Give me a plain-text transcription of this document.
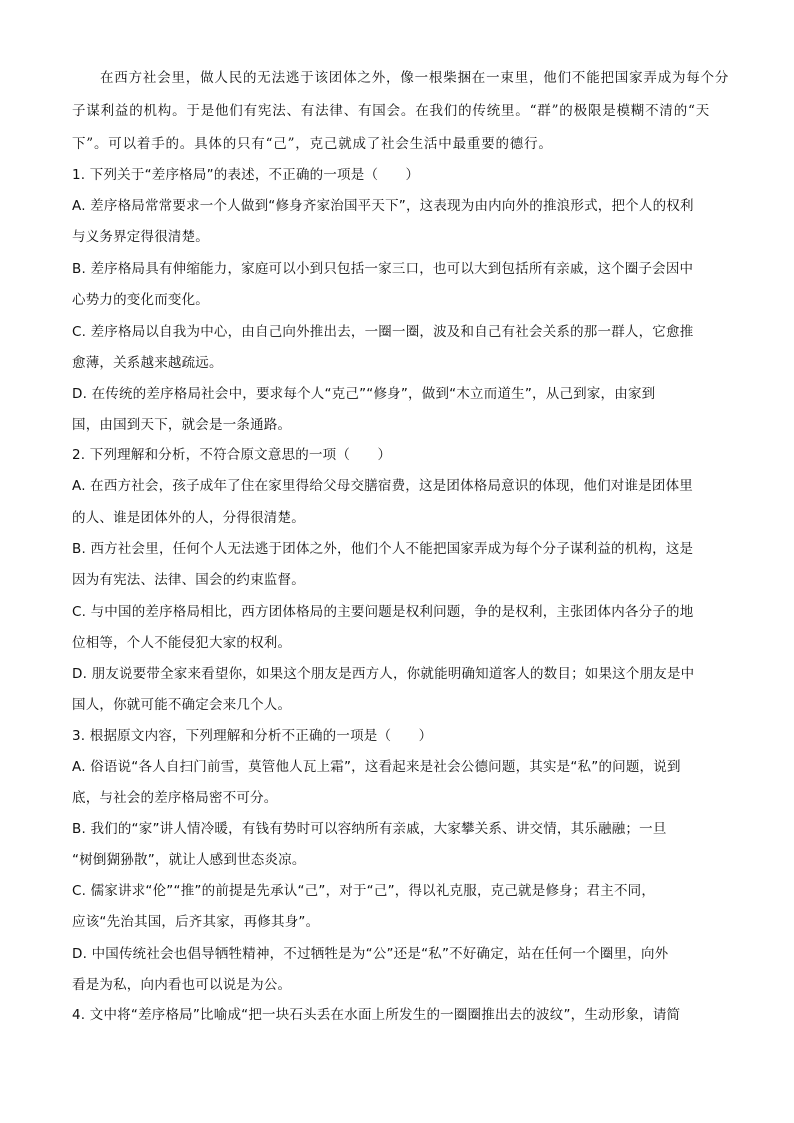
在西方社会里，做人民的无法逃于该团体之外，像一根柴捆在一束里，他们不能把国家弄成为每个分
子谋利益的机构。于是他们有宪法、有法律、有国会。在我们的传统里。“群”的极限是模糊不清的“天
下”。可以着手的。具体的只有“己”，克己就成了社会生活中最重要的德行。
1. 下列关于“差序格局”的表述，不正确的一项是（　　）
A. 差序格局常常要求一个人做到“修身齐家治国平天下”，这表现为由内向外的推浪形式，把个人的权利
与义务界定得很清楚。
B. 差序格局具有伸缩能力，家庭可以小到只包括一家三口，也可以大到包括所有亲戚，这个圈子会因中
心势力的变化而变化。
C. 差序格局以自我为中心，由自己向外推出去，一圈一圈，波及和自己有社会关系的那一群人，它愈推
愈薄，关系越来越疏远。
D. 在传统的差序格局社会中，要求每个人“克己”“修身”，做到“木立而道生”，从己到家，由家到
国，由国到天下，就会是一条通路。
2. 下列理解和分析，不符合原文意思的一项（　　）
A. 在西方社会，孩子成年了住在家里得给父母交膳宿费，这是团体格局意识的体现，他们对谁是团体里
的人、谁是团体外的人，分得很清楚。
B. 西方社会里，任何个人无法逃于团体之外，他们个人不能把国家弄成为每个分子谋利益的机构，这是
因为有宪法、法律、国会的约束监督。
C. 与中国的差序格局相比，西方团体格局的主要问题是权利问题，争的是权利，主张团体内各分子的地
位相等，个人不能侵犯大家的权利。
D. 朋友说要带全家来看望你，如果这个朋友是西方人，你就能明确知道客人的数目；如果这个朋友是中
国人，你就可能不确定会来几个人。
3. 根据原文内容，下列理解和分析不正确的一项是（　　）
A. 俗语说“各人自扫门前雪，莫管他人瓦上霜”，这看起来是社会公德问题，其实是“私”的问题，说到
底，与社会的差序格局密不可分。
B. 我们的“家”讲人情冷暖，有钱有势时可以容纳所有亲戚，大家攀关系、讲交情，其乐融融；一旦
“树倒猢狲散”，就让人感到世态炎凉。
C. 儒家讲求“伦”“推”的前提是先承认“己”，对于“己”，得以礼克服，克己就是修身；君主不同，
应该“先治其国，后齐其家，再修其身”。
D. 中国传统社会也倡导牺牲精神，不过牺牲是为“公”还是“私”不好确定，站在任何一个圈里，向外
看是为私，向内看也可以说是为公。
4. 文中将“差序格局”比喻成“把一块石头丢在水面上所发生的一圈圈推出去的波纹”，生动形象，请简
